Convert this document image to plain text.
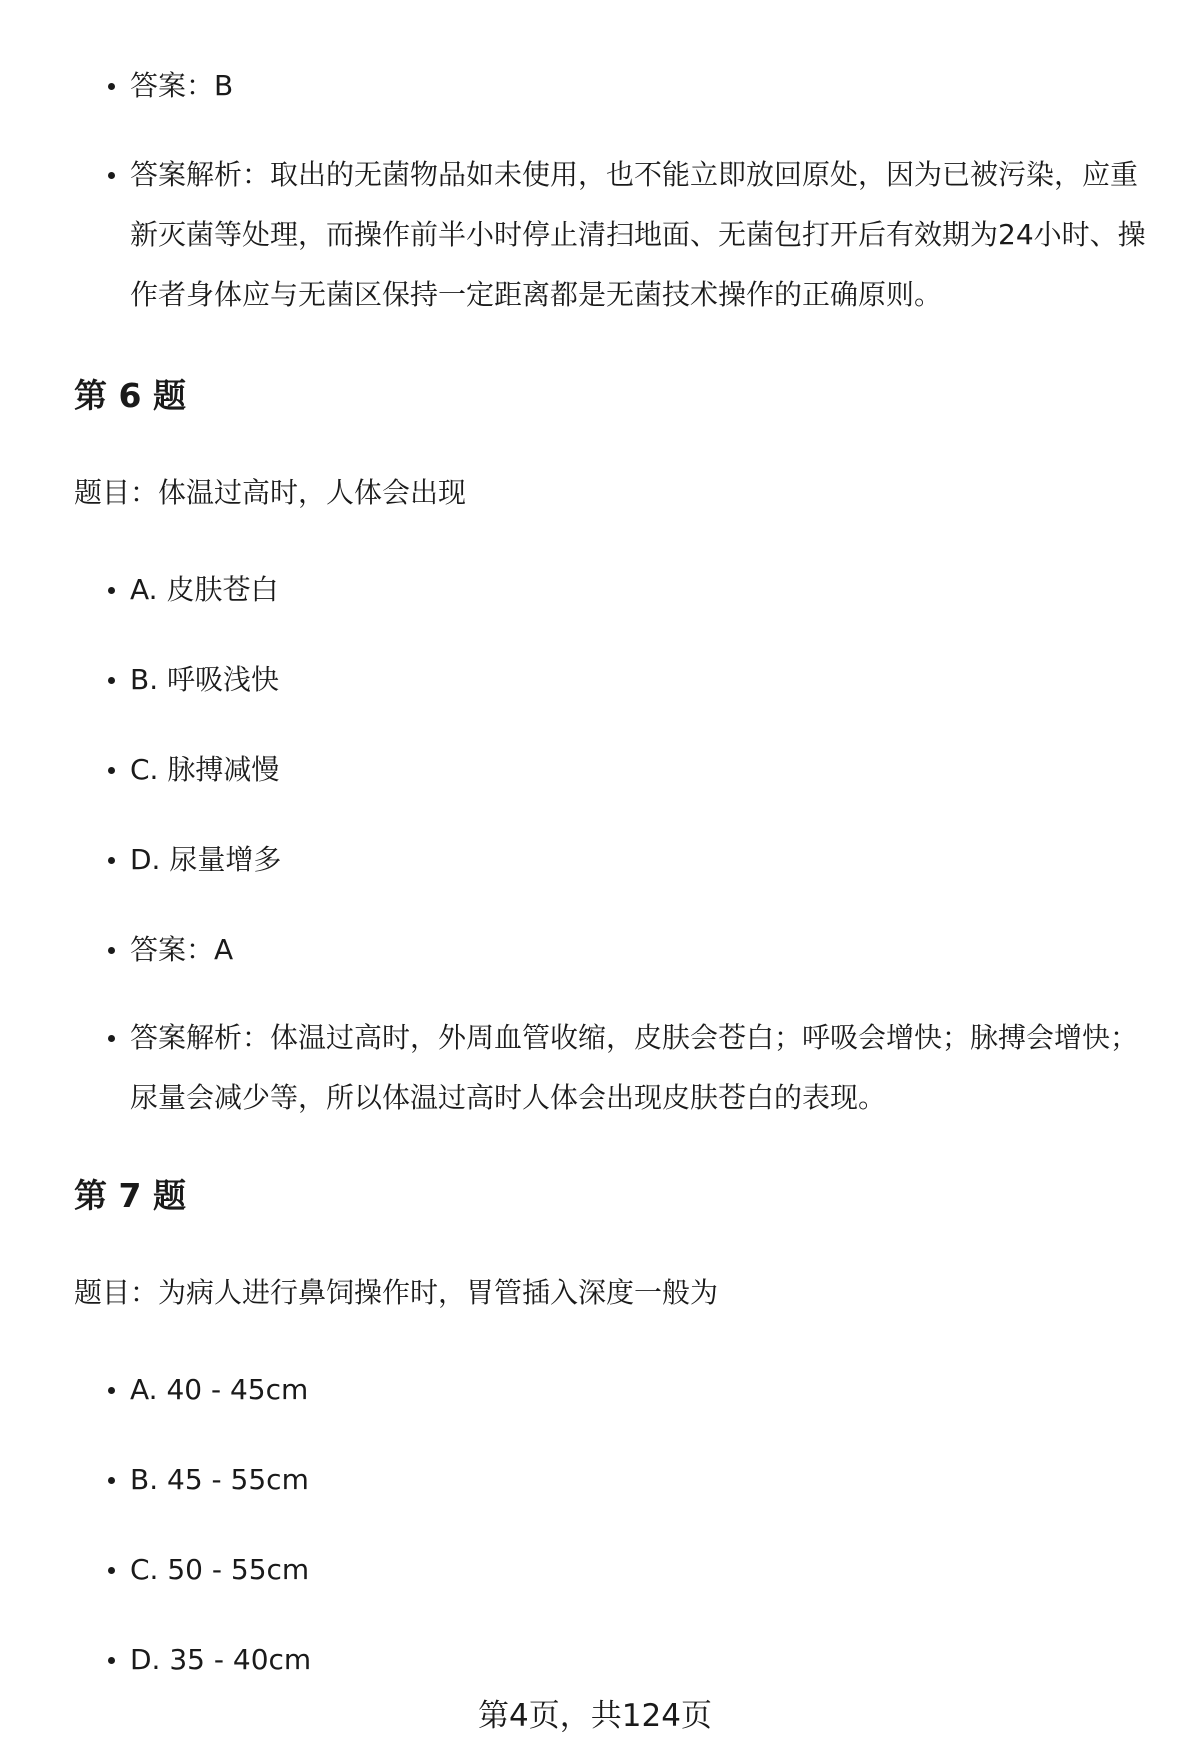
答案：B
答案解析：取出的无菌物品如未使用，也不能立即放回原处，因为已被污染，应重新灭菌等处理，而操作前半小时停止清扫地面、无菌包打开后有效期为24小时、操作者身体应与无菌区保持一定距离都是无菌技术操作的正确原则。
第 6 题
题目：体温过高时，人体会出现
A. 皮肤苍白
B. 呼吸浅快
C. 脉搏减慢
D. 尿量增多
答案：A
答案解析：体温过高时，外周血管收缩，皮肤会苍白；呼吸会增快；脉搏会增快；尿量会减少等，所以体温过高时人体会出现皮肤苍白的表现。
第 7 题
题目：为病人进行鼻饲操作时，胃管插入深度一般为
A. 40 - 45cm
B. 45 - 55cm
C. 50 - 55cm
D. 35 - 40cm
第4页，共124页
